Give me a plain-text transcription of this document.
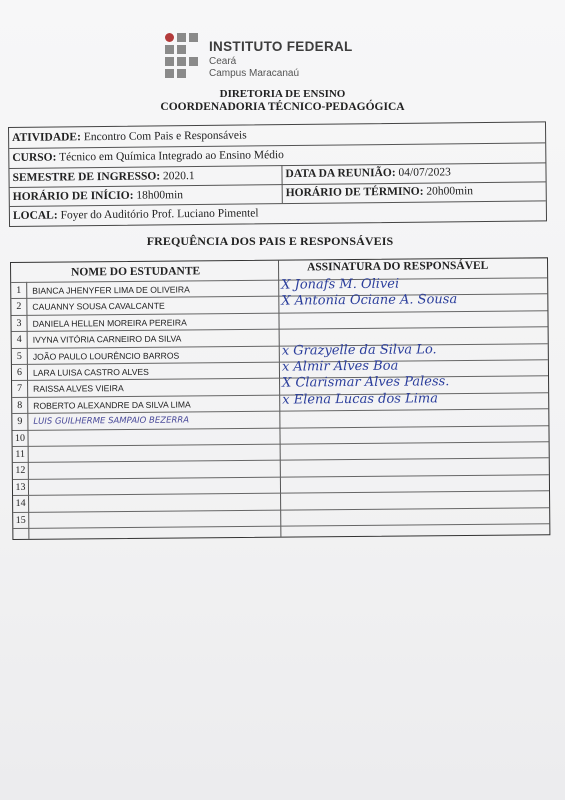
INSTITUTO FEDERAL
Ceará
Campus Maracanaú
DIRETORIA DE ENSINO
COORDENADORIA TÉCNICO-PEDAGÓGICA
ATIVIDADE: Encontro Com Pais e Responsáveis
CURSO: Técnico em Química Integrado ao Ensino Médio
SEMESTRE DE INGRESSO: 2020.1	DATA DA REUNIÃO: 04/07/2023
HORÁRIO DE INÍCIO: 18h00min	HORÁRIO DE TÉRMINO: 20h00min
LOCAL: Foyer do Auditório Prof. Luciano Pimentel
FREQUÊNCIA DOS PAIS E RESPONSÁVEIS
NOME DO ESTUDANTE	ASSINATURA DO RESPONSÁVEL
1	BIANCA JHENYFER LIMA DE OLIVEIRA	X Jonafs M. Olivei
2	CAUANNY SOUSA CAVALCANTE	X Antonia Ociane A. Sousa
3	DANIELA HELLEN MOREIRA PEREIRA
4	IVYNA VITÓRIA CARNEIRO DA SILVA
5	JOÃO PAULO LOURÊNCIO BARROS	x Grazyelle da Silva Lo.
6	LARA LUISA CASTRO ALVES	x Almir Alves Boa
7	RAISSA ALVES VIEIRA	X Clarismar Alves Paless.
8	ROBERTO ALEXANDRE DA SILVA LIMA	x Elena Lucas dos Lima
9	LUIS GUILHERME SAMPAIO BEZERRA
10
11
12
13
14
15
